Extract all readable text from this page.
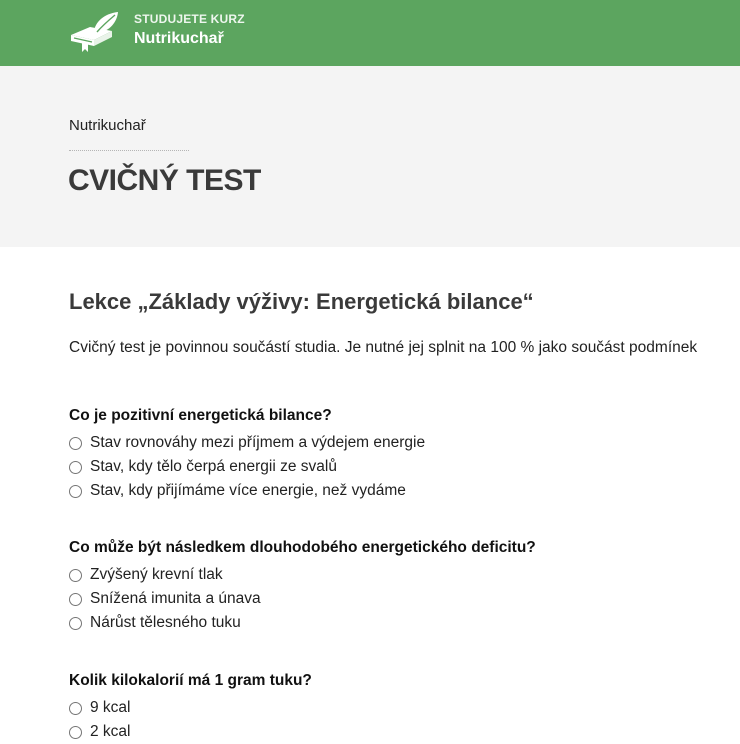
STUDUJETE KURZ
Nutrikuchař
Nutrikuchař
CVIČNÝ TEST
Lekce „Základy výživy: Energetická bilance“

Cvičný test je povinnou součástí studia. Je nutné jej splnit na 100 % jako součást podmínek

Co je pozitivní energetická bilance?
Stav rovnováhy mezi příjmem a výdejem energie
Stav, kdy tělo čerpá energii ze svalů
Stav, kdy přijímáme více energie, než vydáme
Co může být následkem dlouhodobého energetického deficitu?
Zvýšený krevní tlak
Snížená imunita a únava
Nárůst tělesného tuku
Kolik kilokalorií má 1 gram tuku?
9 kcal
2 kcal
